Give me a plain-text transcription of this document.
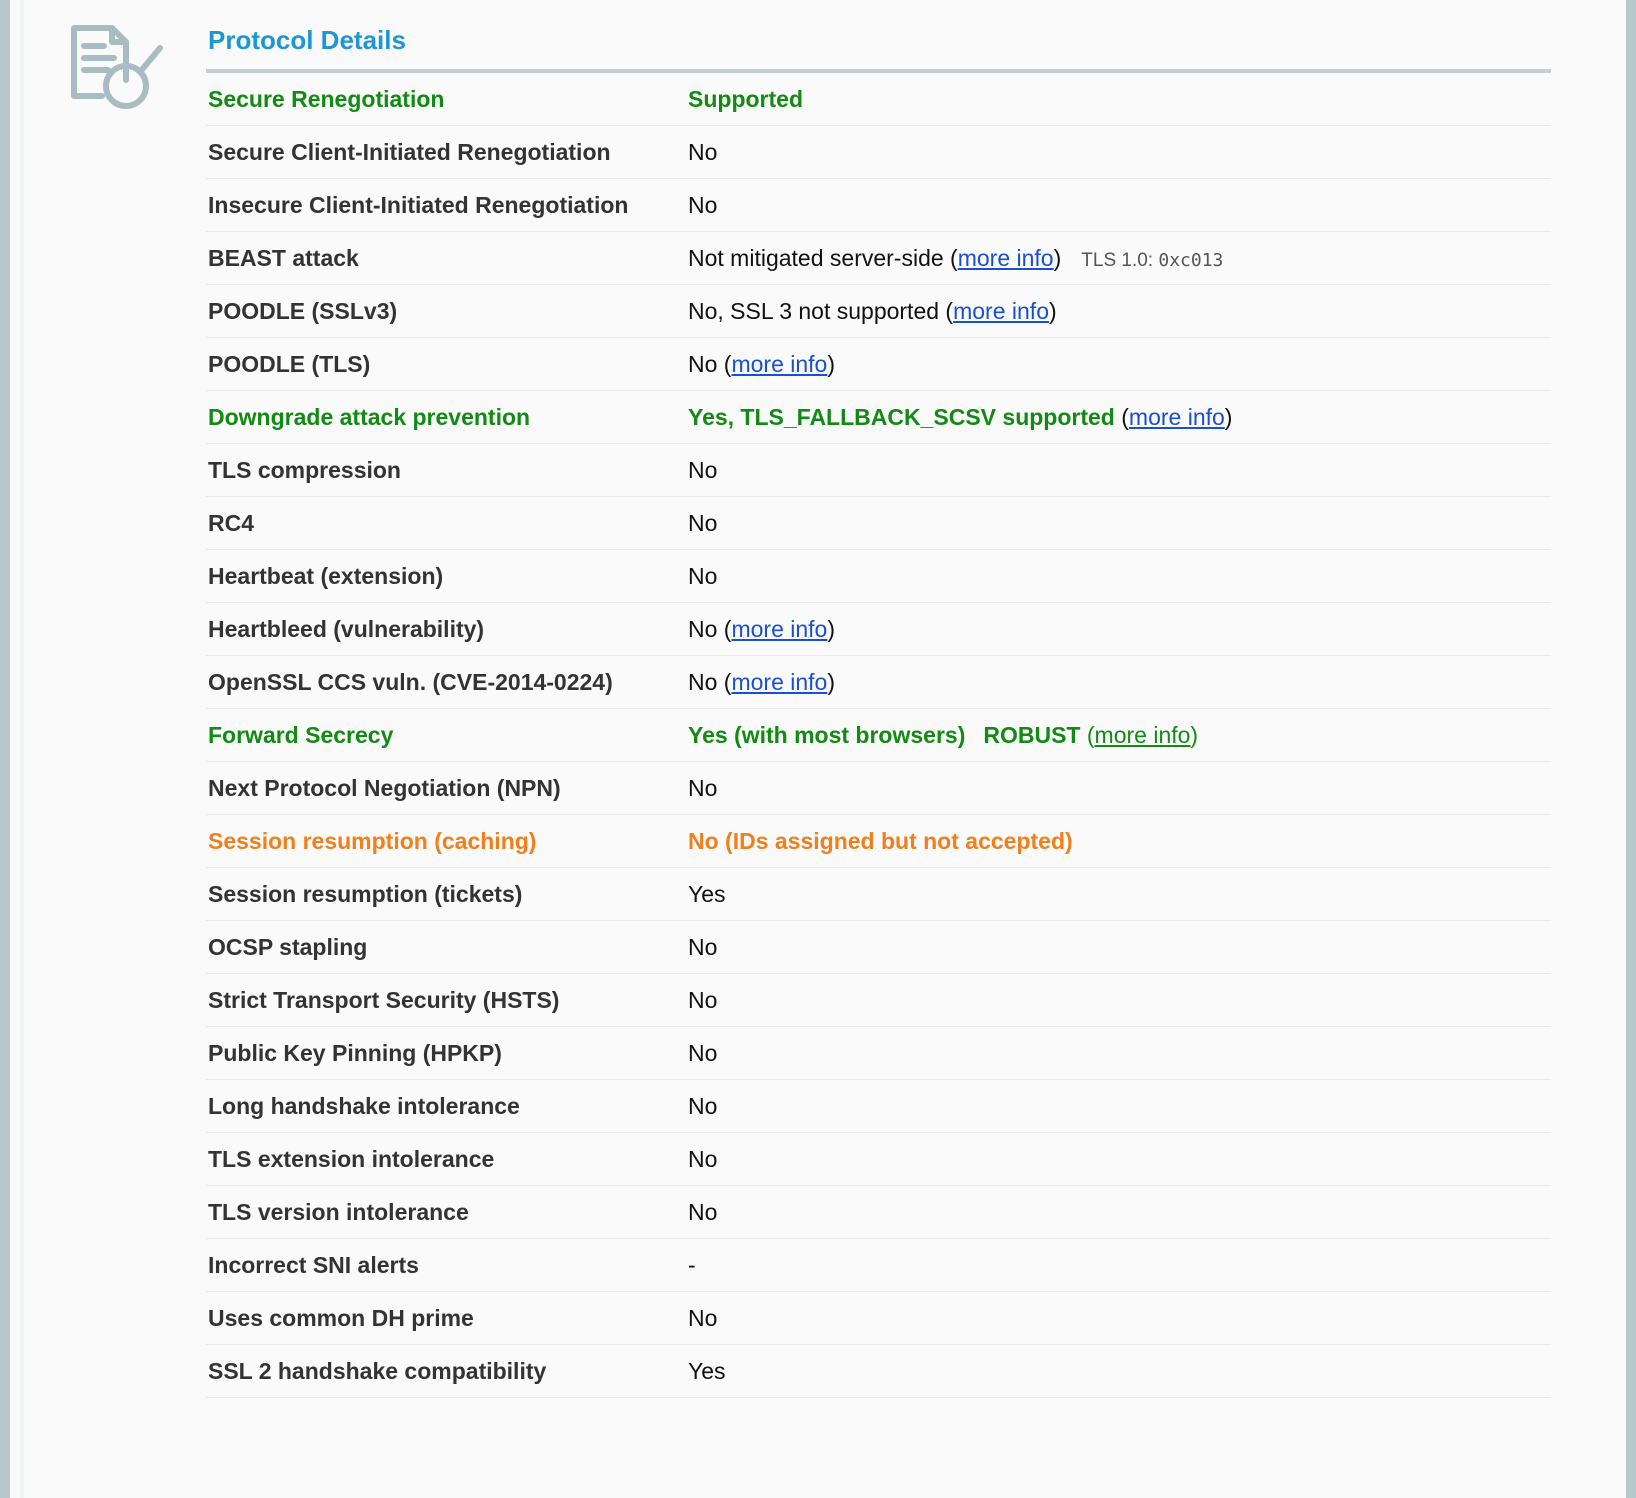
Protocol Details
Secure Renegotiation	Supported
Secure Client-Initiated Renegotiation	No
Insecure Client-Initiated Renegotiation	No
BEAST attack	Not mitigated server-side (more info) TLS 1.0: 0xc013
POODLE (SSLv3)	No, SSL 3 not supported (more info)
POODLE (TLS)	No (more info)
Downgrade attack prevention	Yes, TLS_FALLBACK_SCSV supported (more info)
TLS compression	No
RC4	No
Heartbeat (extension)	No
Heartbleed (vulnerability)	No (more info)
OpenSSL CCS vuln. (CVE-2014-0224)	No (more info)
Forward Secrecy	Yes (with most browsers) ROBUST (more info)
Next Protocol Negotiation (NPN)	No
Session resumption (caching)	No (IDs assigned but not accepted)
Session resumption (tickets)	Yes
OCSP stapling	No
Strict Transport Security (HSTS)	No
Public Key Pinning (HPKP)	No
Long handshake intolerance	No
TLS extension intolerance	No
TLS version intolerance	No
Incorrect SNI alerts	-
Uses common DH prime	No
SSL 2 handshake compatibility	Yes
